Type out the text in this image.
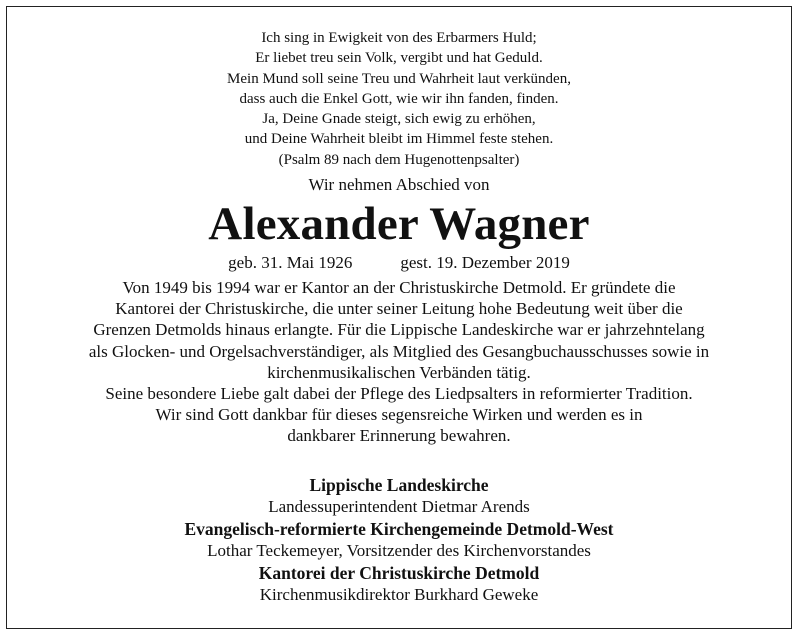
Ich sing in Ewigkeit von des Erbarmers Huld;
Er liebet treu sein Volk, vergibt und hat Geduld.
Mein Mund soll seine Treu und Wahrheit laut verkünden,
dass auch die Enkel Gott, wie wir ihn fanden, finden.
Ja, Deine Gnade steigt, sich ewig zu erhöhen,
und Deine Wahrheit bleibt im Himmel feste stehen.
(Psalm 89 nach dem Hugenottenpsalter)
Wir nehmen Abschied von
Alexander Wagner
geb. 31. Mai 1926	gest. 19. Dezember 2019
Von 1949 bis 1994 war er Kantor an der Christuskirche Detmold. Er gründete die
Kantorei der Christuskirche, die unter seiner Leitung hohe Bedeutung weit über die
Grenzen Detmolds hinaus erlangte. Für die Lippische Landeskirche war er jahrzehntelang
als Glocken- und Orgelsachverständiger, als Mitglied des Gesangbuchausschusses sowie in
kirchenmusikalischen Verbänden tätig.
Seine besondere Liebe galt dabei der Pflege des Liedpsalters in reformierter Tradition.
Wir sind Gott dankbar für dieses segensreiche Wirken und werden es in
dankbarer Erinnerung bewahren.
Lippische Landeskirche
Landessuperintendent Dietmar Arends
Evangelisch-reformierte Kirchengemeinde Detmold-West
Lothar Teckemeyer, Vorsitzender des Kirchenvorstandes
Kantorei der Christuskirche Detmold
Kirchenmusikdirektor Burkhard Geweke
